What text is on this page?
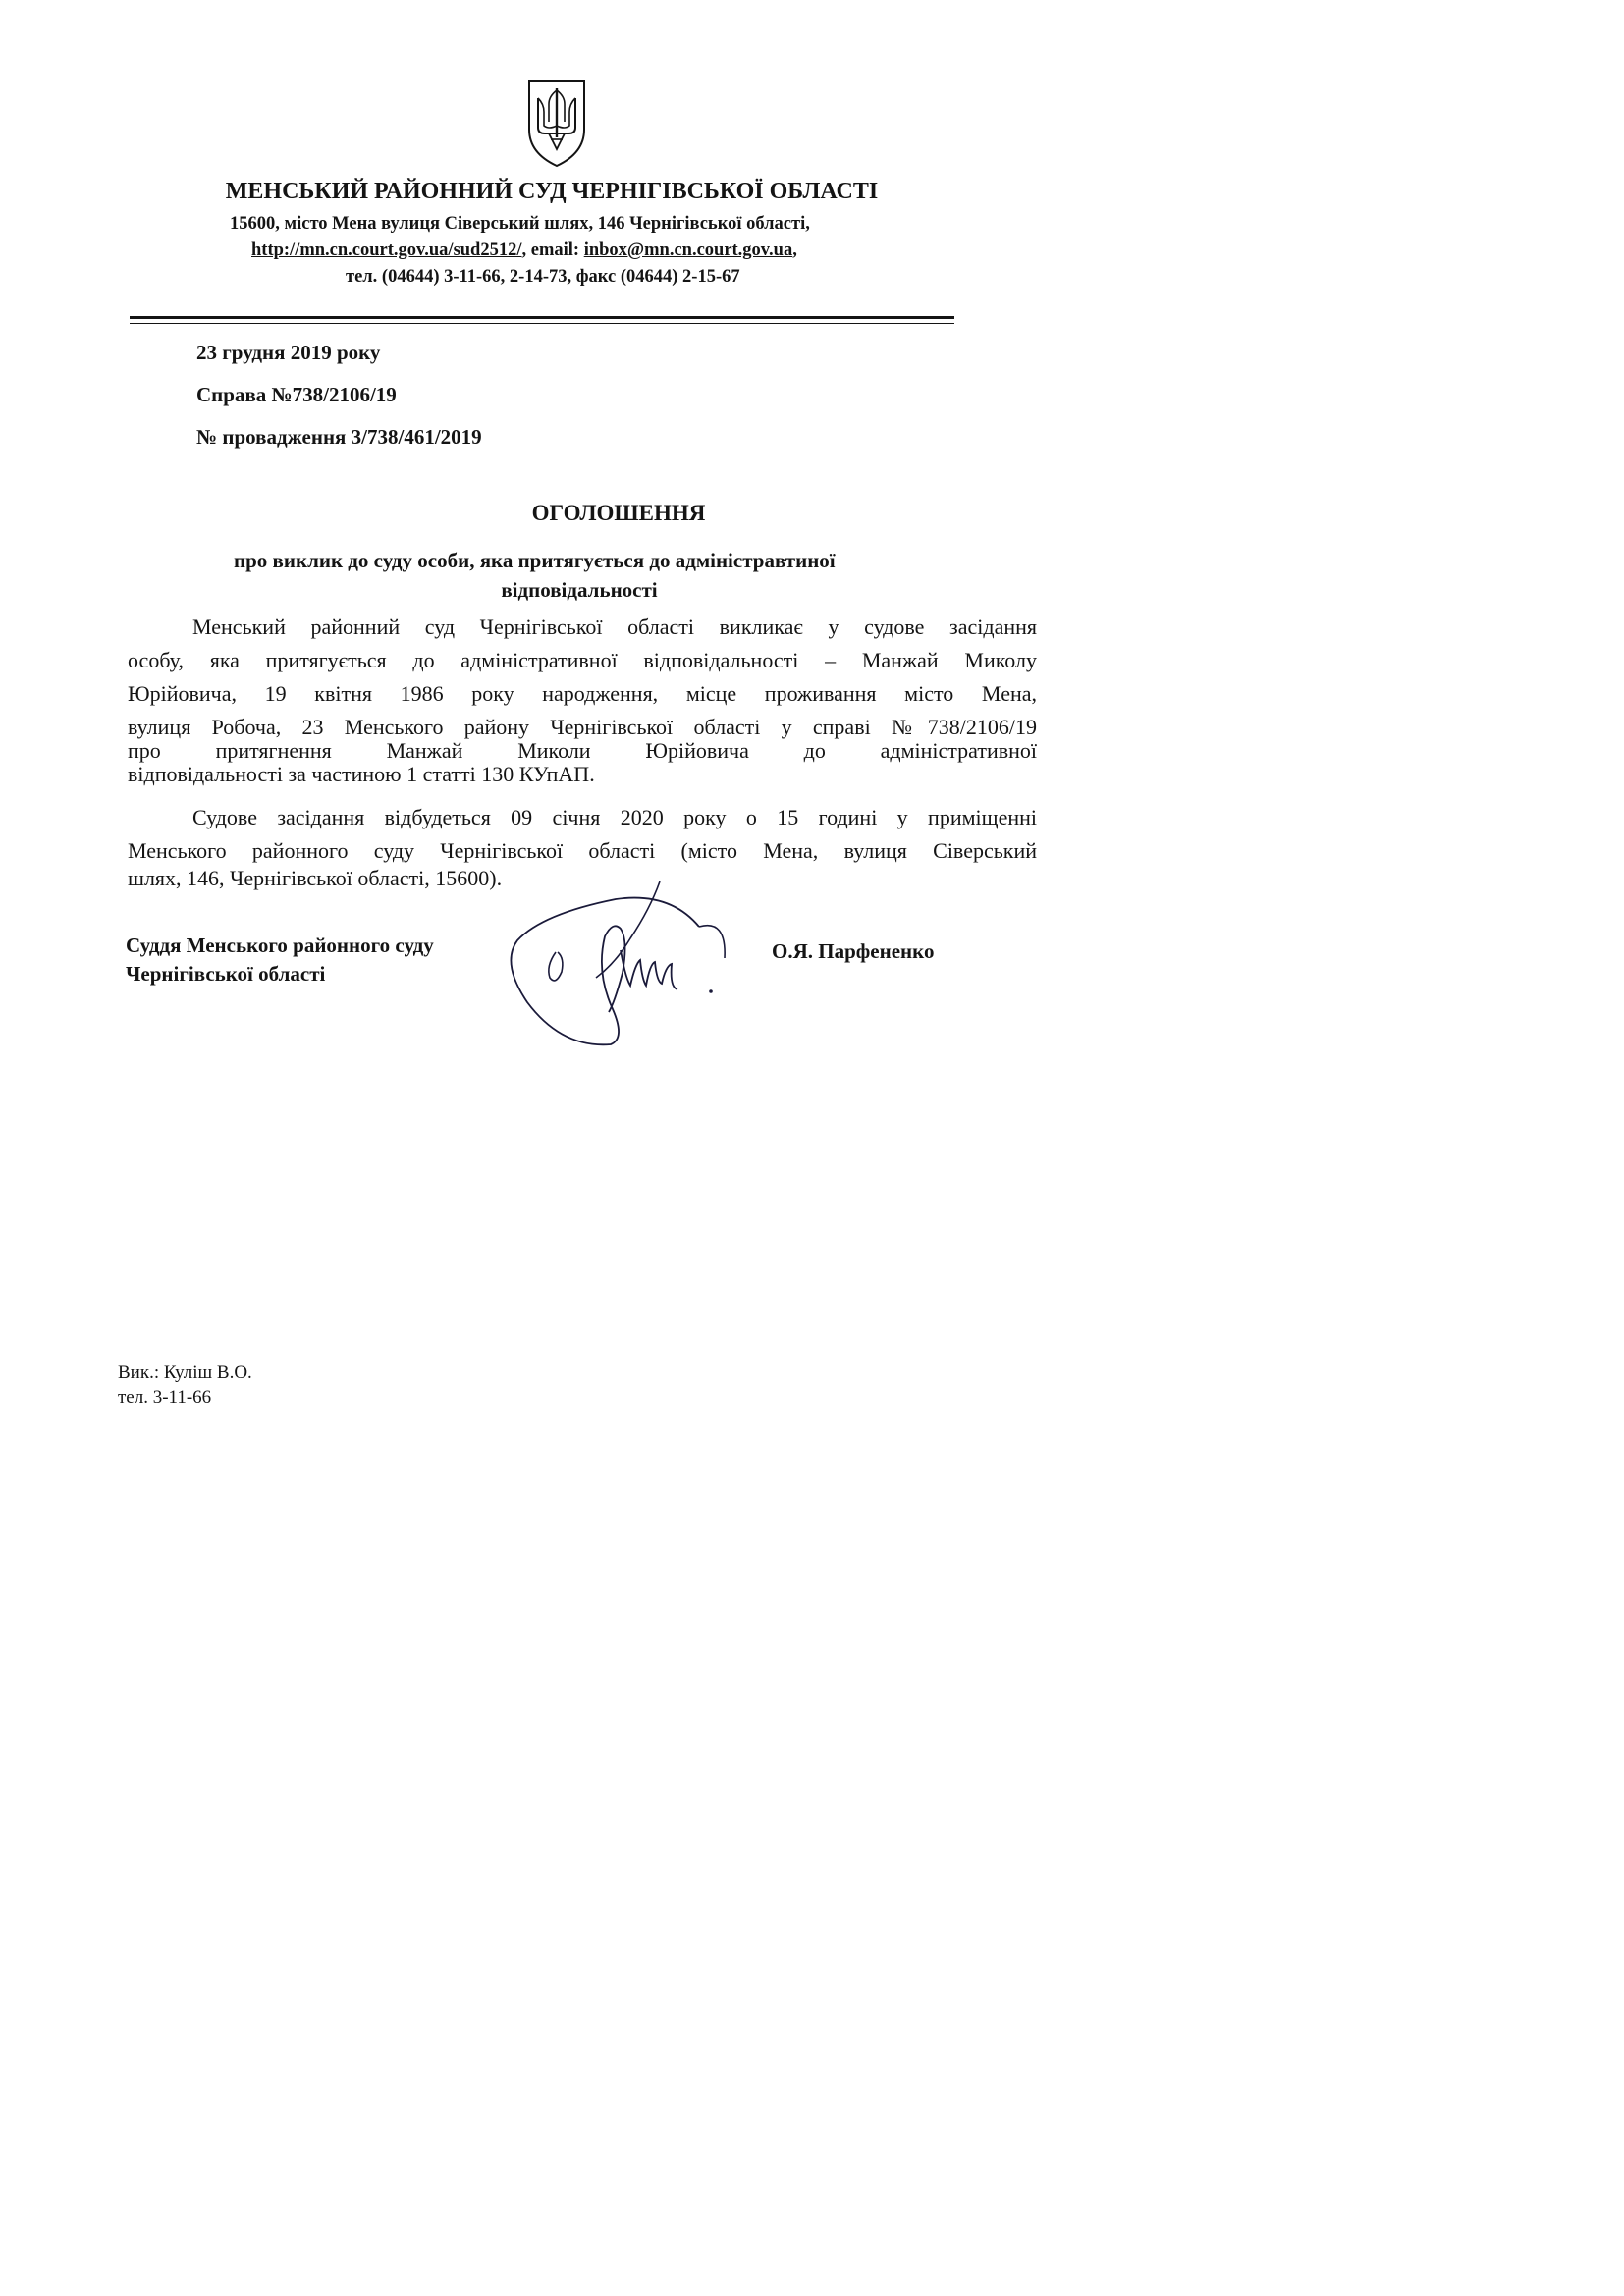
МЕНСЬКИЙ РАЙОННИЙ СУД ЧЕРНІГІВСЬКОЇ ОБЛАСТІ

15600, місто Мена вулиця Сіверський шлях, 146 Чернігівської області,

http://mn.cn.court.gov.ua/sud2512/, email: inbox@mn.cn.court.gov.ua,

тел. (04644) 3-11-66, 2-14-73, факс (04644) 2-15-67

23 грудня 2019 року

Справа №738/2106/19

№ провадження 3/738/461/2019

ОГОЛОШЕННЯ

про виклик до суду особи, яка притягується до адміністравтиної

відповідальності

Менський районний суд Чернігівської області викликає у судове засідання

особу, яка притягується до адміністративної відповідальності – Манжай Миколу

Юрійовича, 19 квітня 1986 року народження, місце проживання місто Мена,

вулиця Робоча, 23 Менського району Чернігівської області у справі №738/2106/19

про притягнення Манжай Миколи Юрійовича до адміністративної

відповідальності за частиною 1 статті 130 КУпАП.

Судове засідання відбудеться 09 січня 2020 року о 15 годині у приміщенні

Менського районного суду Чернігівської області (місто Мена, вулиця Сіверський

шлях, 146, Чернігівської області, 15600).

Суддя Менського районного суду

Чернігівської області

О.Я. Парфененко

Вик.: Куліш В.О.

тел. 3-11-66
